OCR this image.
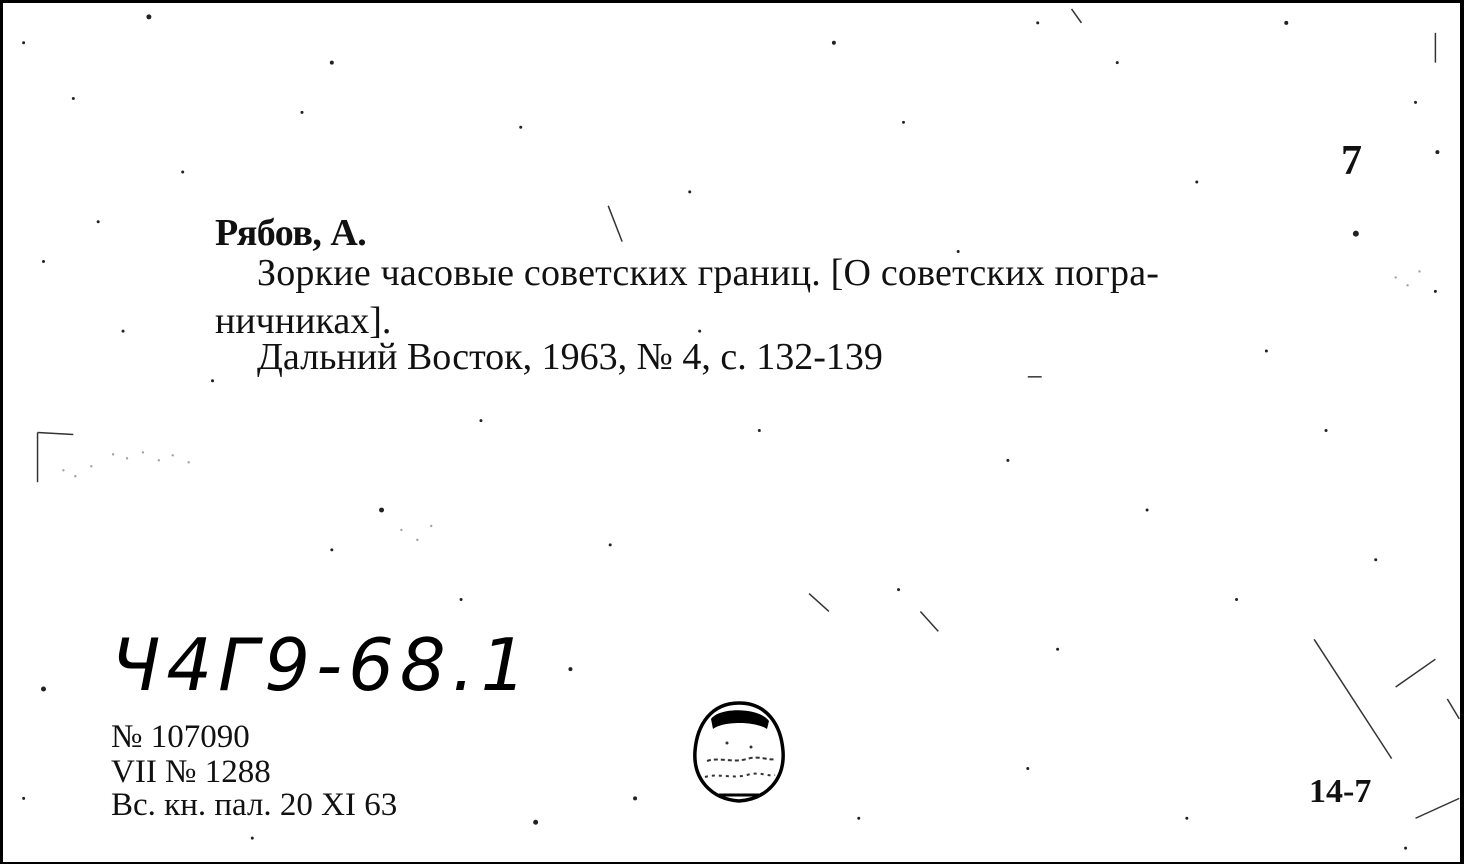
7
Рябов, А.
Зоркие часовые советских границ. [О советских погра-
ничниках].
Дальний Восток, 1963, № 4, с. 132-139
Ч4Г9-68.1
№ 107090
VII № 1288
Вс. кн. пал. 20 XI 63	14-7
